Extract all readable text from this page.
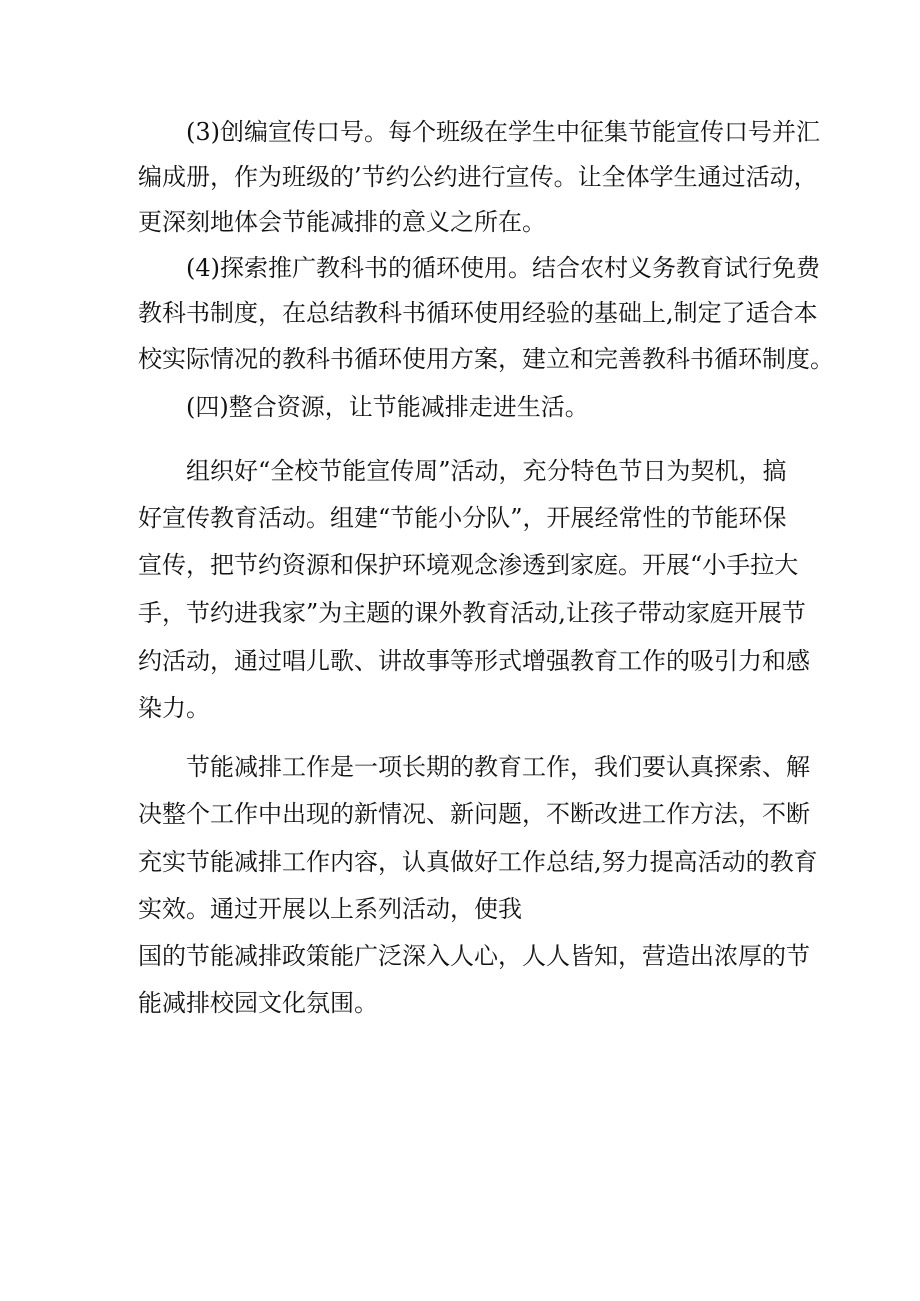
(3)创编宣传口号。每个班级在学生中征集节能宣传口号并汇
编成册，作为班级的’节约公约进行宣传。让全体学生通过活动，
更深刻地体会节能减排的意义之所在。
(4)探索推广教科书的循环使用。结合农村义务教育试行免费
教科书制度，在总结教科书循环使用经验的基础上,制定了适合本
校实际情况的教科书循环使用方案，建立和完善教科书循环制度。
(四)整合资源，让节能减排走进生活。
组织好“全校节能宣传周”活动，充分特色节日为契机，搞
好宣传教育活动。组建“节能小分队”，开展经常性的节能环保
宣传，把节约资源和保护环境观念渗透到家庭。开展“小手拉大
手，节约进我家”为主题的课外教育活动,让孩子带动家庭开展节
约活动，通过唱儿歌、讲故事等形式增强教育工作的吸引力和感
染力。
节能减排工作是一项长期的教育工作，我们要认真探索、解
决整个工作中出现的新情况、新问题，不断改进工作方法，不断
充实节能减排工作内容，认真做好工作总结,努力提高活动的教育
实效。通过开展以上系列活动，使我
国的节能减排政策能广泛深入人心，人人皆知，营造出浓厚的节
能减排校园文化氛围。
